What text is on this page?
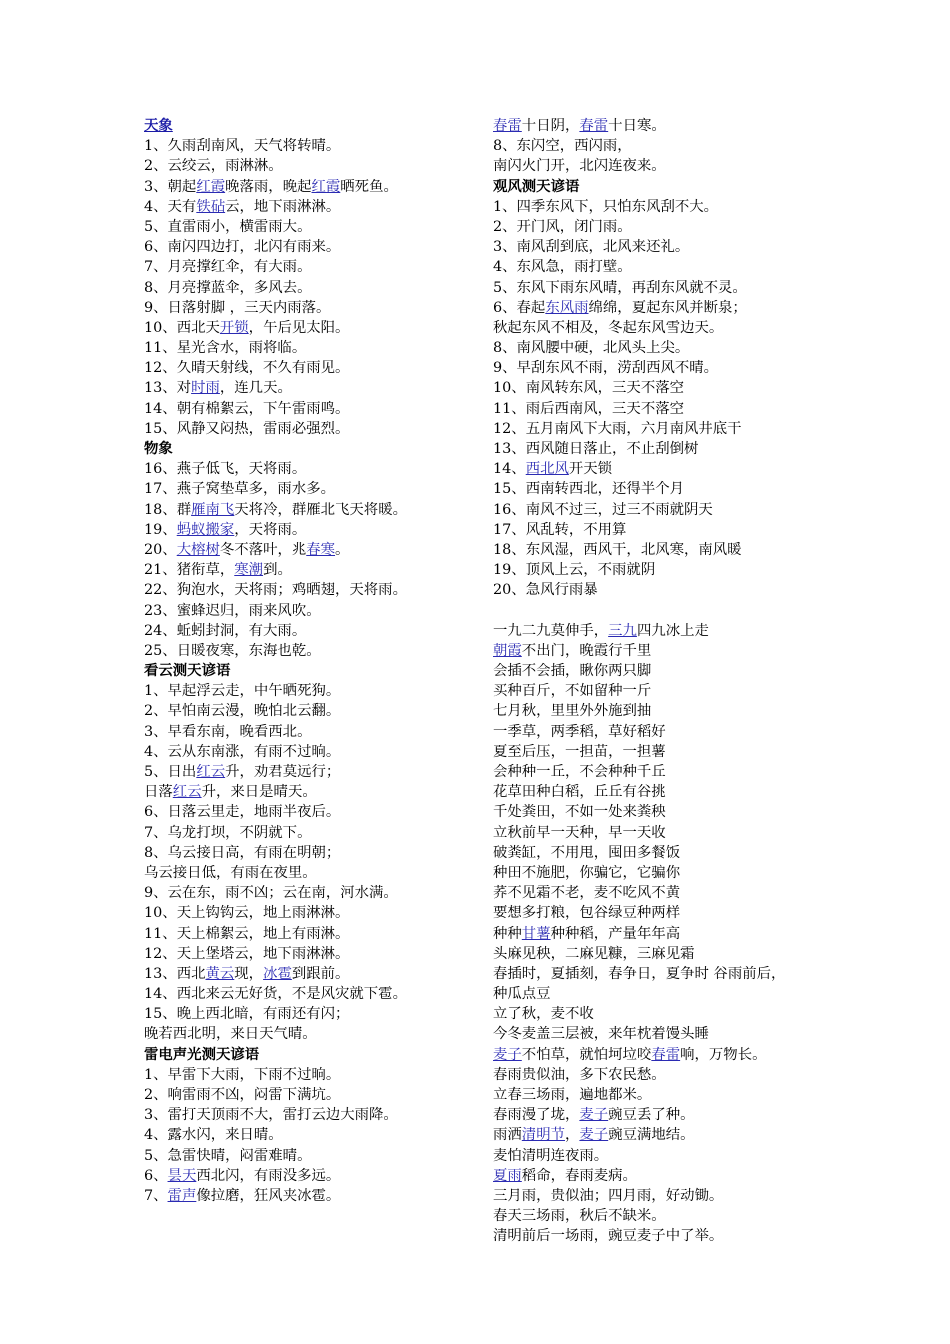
天象
1、久雨刮南风，天气将转晴。
2、云绞云，雨淋淋。
3、朝起红霞晚落雨，晚起红霞晒死鱼。
4、天有铁砧云，地下雨淋淋。
5、直雷雨小，横雷雨大。
6、南闪四边打，北闪有雨来。
7、月亮撑红伞，有大雨。
8、月亮撑蓝伞，多风去。
9、日落射脚 ，三天内雨落。
10、西北天开锁，午后见太阳。
11、星光含水，雨将临。
12、久晴天射线，不久有雨见。
13、对时雨，连几天。
14、朝有棉絮云，下午雷雨鸣。
15、风静又闷热，雷雨必强烈。
物象
16、燕子低飞，天将雨。
17、燕子窝垫草多，雨水多。
18、群雁南飞天将冷，群雁北飞天将暖。
19、蚂蚁搬家，天将雨。
20、大榕树冬不落叶，兆春寒。
21、猪衔草，寒潮到。
22、狗泡水，天将雨；鸡晒翅，天将雨。
23、蜜蜂迟归，雨来风吹。
24、蚯蚓封洞，有大雨。
25、日暖夜寒，东海也乾。
看云测天谚语
1、早起浮云走，中午晒死狗。
2、早怕南云漫，晚怕北云翻。
3、早看东南，晚看西北。
4、云从东南涨，有雨不过晌。
5、日出红云升，劝君莫远行；
日落红云升，来日是晴天。
6、日落云里走，地雨半夜后。
7、乌龙打坝，不阴就下。
8、乌云接日高，有雨在明朝；
乌云接日低，有雨在夜里。
9、云在东，雨不凶；云在南，河水满。
10、天上钩钩云，地上雨淋淋。
11、天上棉絮云，地上有雨淋。
12、天上堡塔云，地下雨淋淋。
13、西北黄云现，冰雹到跟前。
14、西北来云无好货，不是风灾就下雹。
15、晚上西北暗，有雨还有闪；
晚若西北明，来日天气晴。
雷电声光测天谚语
1、早雷下大雨，下雨不过晌。
2、响雷雨不凶，闷雷下满坑。
3、雷打天顶雨不大，雷打云边大雨降。
4、露水闪，来日晴。
5、急雷快晴，闷雷难晴。
6、昙天西北闪，有雨没多远。
7、雷声像拉磨，狂风夹冰雹。
春雷十日阴，春雷十日寒。
8、东闪空，西闪雨，
南闪火门开，北闪连夜来。
观风测天谚语
1、四季东风下，只怕东风刮不大。
2、开门风，闭门雨。
3、南风刮到底，北风来还礼。
4、东风急，雨打壁。
5、东风下雨东风晴，再刮东风就不灵。
6、春起东风雨绵绵，夏起东风并断泉；
秋起东风不相及，冬起东风雪边天。
8、南风腰中硬，北风头上尖。
9、早刮东风不雨，涝刮西风不晴。
10、南风转东风，三天不落空
11、雨后西南风，三天不落空
12、五月南风下大雨，六月南风井底干
13、西风随日落止，不止刮倒树
14、西北风开天锁
15、西南转西北，还得半个月
16、南风不过三，过三不雨就阴天
17、风乱转，不用算
18、东风湿，西风干，北风寒，南风暖
19、顶风上云，不雨就阴
20、急风行雨暴
一九二九莫伸手，三九四九冰上走
朝霞不出门，晚霞行千里
会插不会插，瞅你两只脚
买种百斤，不如留种一斤
七月秋，里里外外施到抽
一季草，两季稻，草好稻好
夏至后压，一担苗，一担薯
会种种一丘，不会种种千丘
花草田种白稻，丘丘有谷挑
千处粪田，不如一处来粪秧
立秋前早一天种，早一天收
破粪缸，不用甩，囤田多餐饭
种田不施肥，你骗它，它骗你
荞不见霜不老，麦不吃风不黄
要想多打粮，包谷绿豆种两样
种种甘薯种种稻，产量年年高
头麻见秧，二麻见糠，三麻见霜
春插时，夏插刻，春争日，夏争时 谷雨前后，
种瓜点豆
立了秋，麦不收
今冬麦盖三层被，来年枕着馒头睡
麦子不怕草，就怕坷垃咬春雷响，万物长。
春雨贵似油，多下农民愁。
立春三场雨，遍地都米。
春雨漫了垅，麦子豌豆丢了种。
雨洒清明节，麦子豌豆满地结。
麦怕清明连夜雨。
夏雨稻命，春雨麦病。
三月雨，贵似油；四月雨，好动锄。
春天三场雨，秋后不缺米。
清明前后一场雨，豌豆麦子中了举。
